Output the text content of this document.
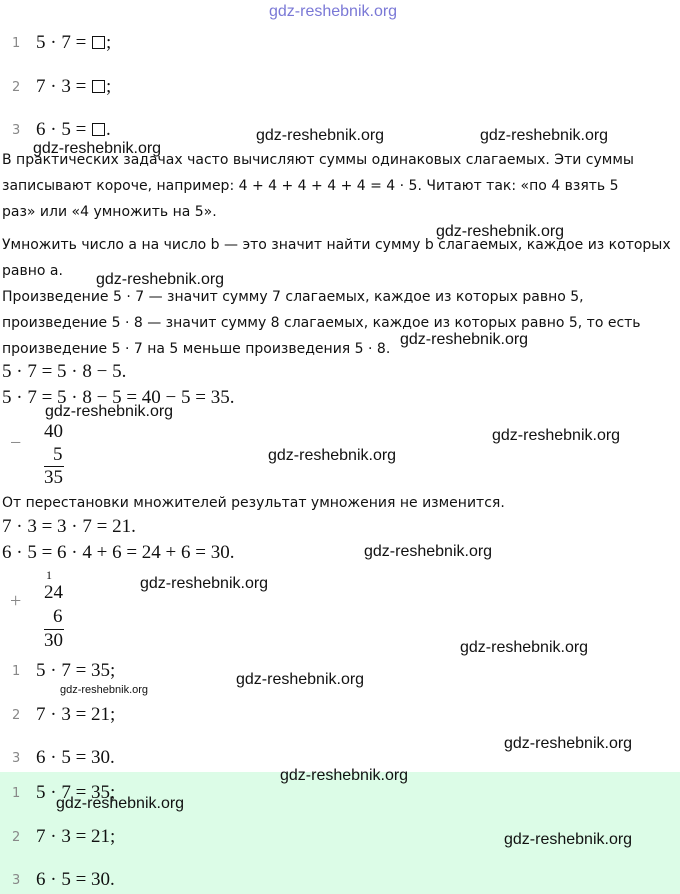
gdz-reshebnik.org
1 5 · 7 = ;
2 7 · 3 = ;
3 6 · 5 = .
В практических задачах часто вычисляют суммы одинаковых слагаемых. Эти суммы
записывают короче, например: 4 + 4 + 4 + 4 + 4 = 4 · 5. Читают так: «по 4 взять 5
раз» или «4 умножить на 5».
Умножить число a на число b — это значит найти сумму b слагаемых, каждое из которых
равно a.
Произведение 5 · 7 — значит сумму 7 слагаемых, каждое из которых равно 5,
произведение 5 · 8 — значит сумму 8 слагаемых, каждое из которых равно 5, то есть
произведение 5 · 7 на 5 меньше произведения 5 · 8.
5 · 7 = 5 · 8 − 5.
5 · 7 = 5 · 8 − 5 = 40 − 5 = 35.
−
40
5
35
От перестановки множителей результат умножения не изменится.
7 · 3 = 3 · 7 = 21.
6 · 5 = 6 · 4 + 6 = 24 + 6 = 30.
1
+ 24
6
30
1 5 · 7 = 35;
2 7 · 3 = 21;
3 6 · 5 = 30.
1 5 · 7 = 35;
2 7 · 3 = 21;
3 6 · 5 = 30.
gdz-reshebnik.org
gdz-reshebnik.org	gdz-reshebnik.org
gdz-reshebnik.org
gdz-reshebnik.org
gdz-reshebnik.org
gdz-reshebnik.org
gdz-reshebnik.org
gdz-reshebnik.org
gdz-reshebnik.org
gdz-reshebnik.org
gdz-reshebnik.org
gdz-reshebnik.org
gdz-reshebnik.org
gdz-reshebnik.org
gdz-reshebnik.org
gdz-reshebnik.org
gdz-reshebnik.org
